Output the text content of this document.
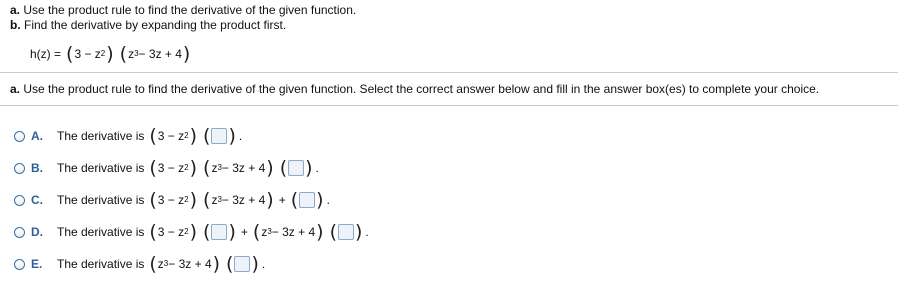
a. Use the product rule to find the derivative of the given function.
b. Find the derivative by expanding the product first.
h(z) = ( 3 − z 2 ) ( z 3 − 3z + 4 )
a. Use the product rule to find the derivative of the given function. Select the correct answer below and fill in the answer box(es) to complete your choice.
A.	The derivative is ( 3 − z 2 ) ( ) .
B.	The derivative is ( 3 − z 2 ) ( z 3 − 3z + 4 ) ( ) .
C.	The derivative is ( 3 − z 2 ) ( z 3 − 3z + 4 ) + ( ) .
D.	The derivative is ( 3 − z 2 ) ( ) + ( z 3 − 3z + 4 ) ( ) .
E.	The derivative is ( z 3 − 3z + 4 ) ( ) .
